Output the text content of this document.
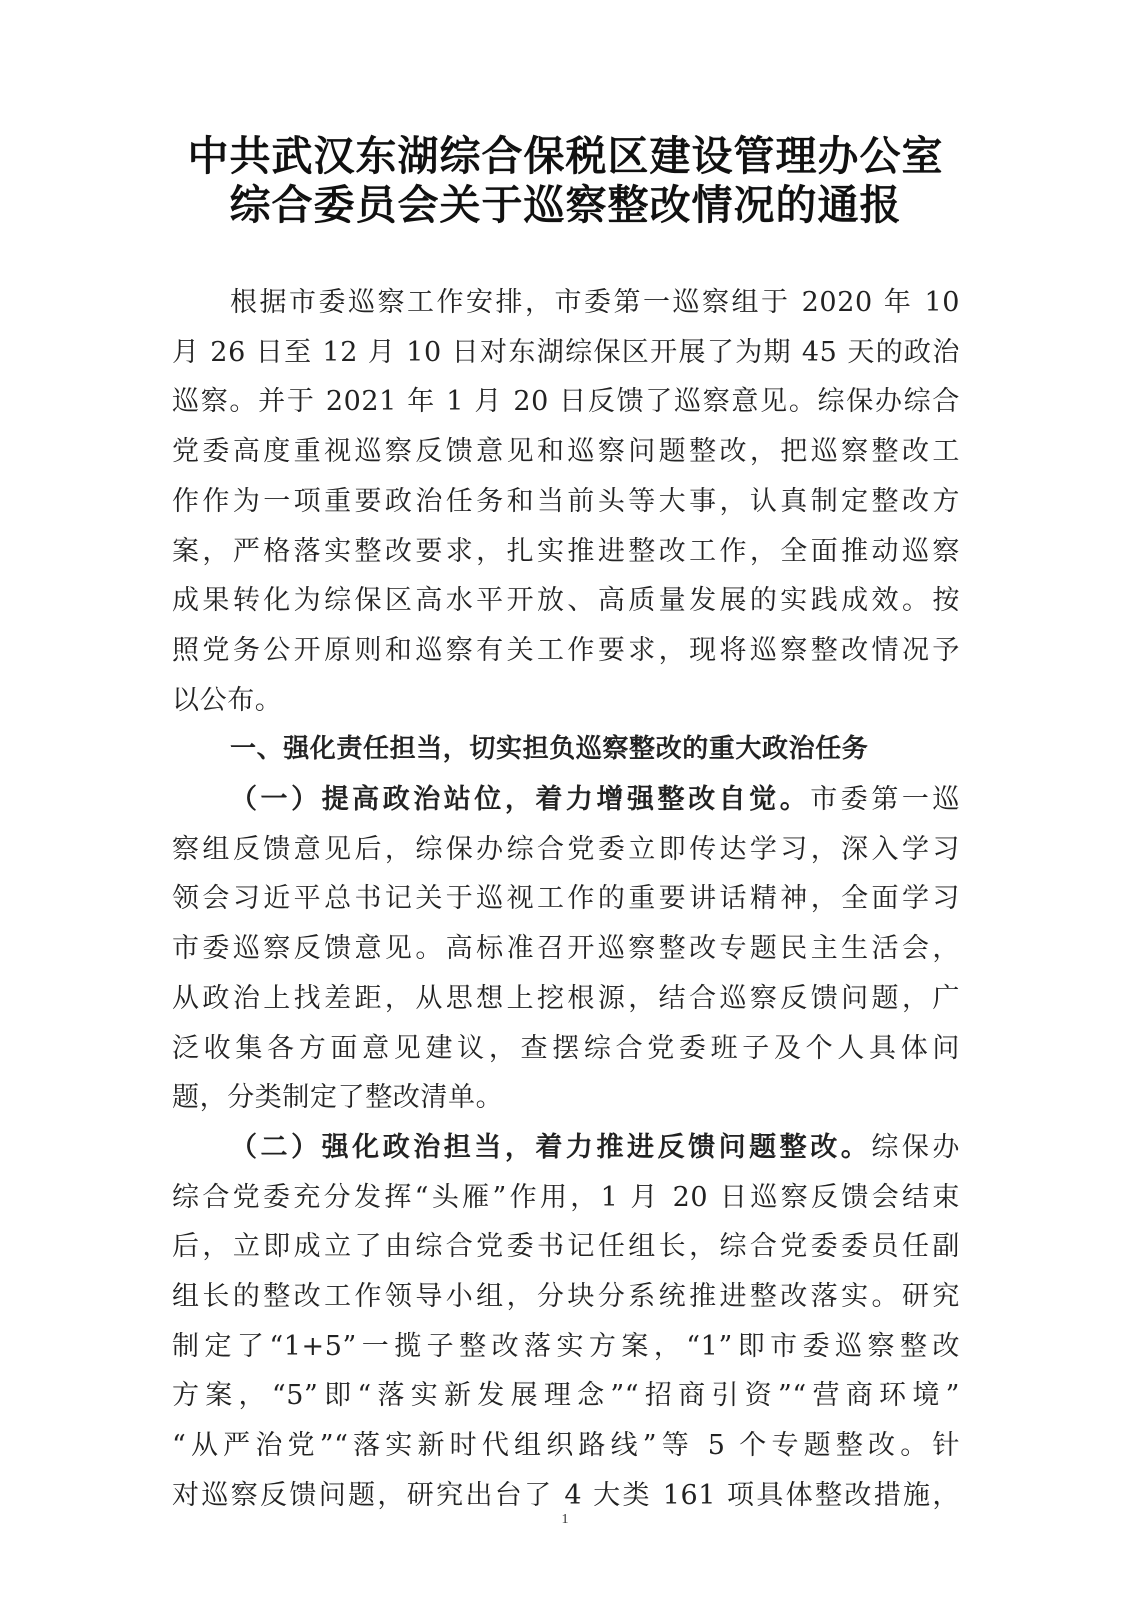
中共武汉东湖综合保税区建设管理办公室
综合委员会关于巡察整改情况的通报
根据市委巡察工作安排，市委第一巡察组于 2020 年 10
月 26 日至 12 月 10 日对东湖综保区开展了为期 45 天的政治
巡察。并于 2021 年 1 月 20 日反馈了巡察意见。综保办综合
党委高度重视巡察反馈意见和巡察问题整改，把巡察整改工
作作为一项重要政治任务和当前头等大事，认真制定整改方
案，严格落实整改要求，扎实推进整改工作，全面推动巡察
成果转化为综保区高水平开放、高质量发展的实践成效。按
照党务公开原则和巡察有关工作要求，现将巡察整改情况予
以公布。
一、强化责任担当，切实担负巡察整改的重大政治任务
（一）提高政治站位，着力增强整改自觉。市委第一巡
察组反馈意见后，综保办综合党委立即传达学习，深入学习
领会习近平总书记关于巡视工作的重要讲话精神，全面学习
市委巡察反馈意见。高标准召开巡察整改专题民主生活会，
从政治上找差距，从思想上挖根源，结合巡察反馈问题，广
泛收集各方面意见建议，查摆综合党委班子及个人具体问
题，分类制定了整改清单。
（二）强化政治担当，着力推进反馈问题整改。综保办
综合党委充分发挥“头雁”作用，1 月 20 日巡察反馈会结束
后，立即成立了由综合党委书记任组长，综合党委委员任副
组长的整改工作领导小组，分块分系统推进整改落实。研究
制定了“1+5”一揽子整改落实方案，“1”即市委巡察整改
方案，“5”即“落实新发展理念”“招商引资”“营商环境”
“从严治党”“落实新时代组织路线”等 5 个专题整改。针
对巡察反馈问题，研究出台了 4 大类 161 项具体整改措施，
1
